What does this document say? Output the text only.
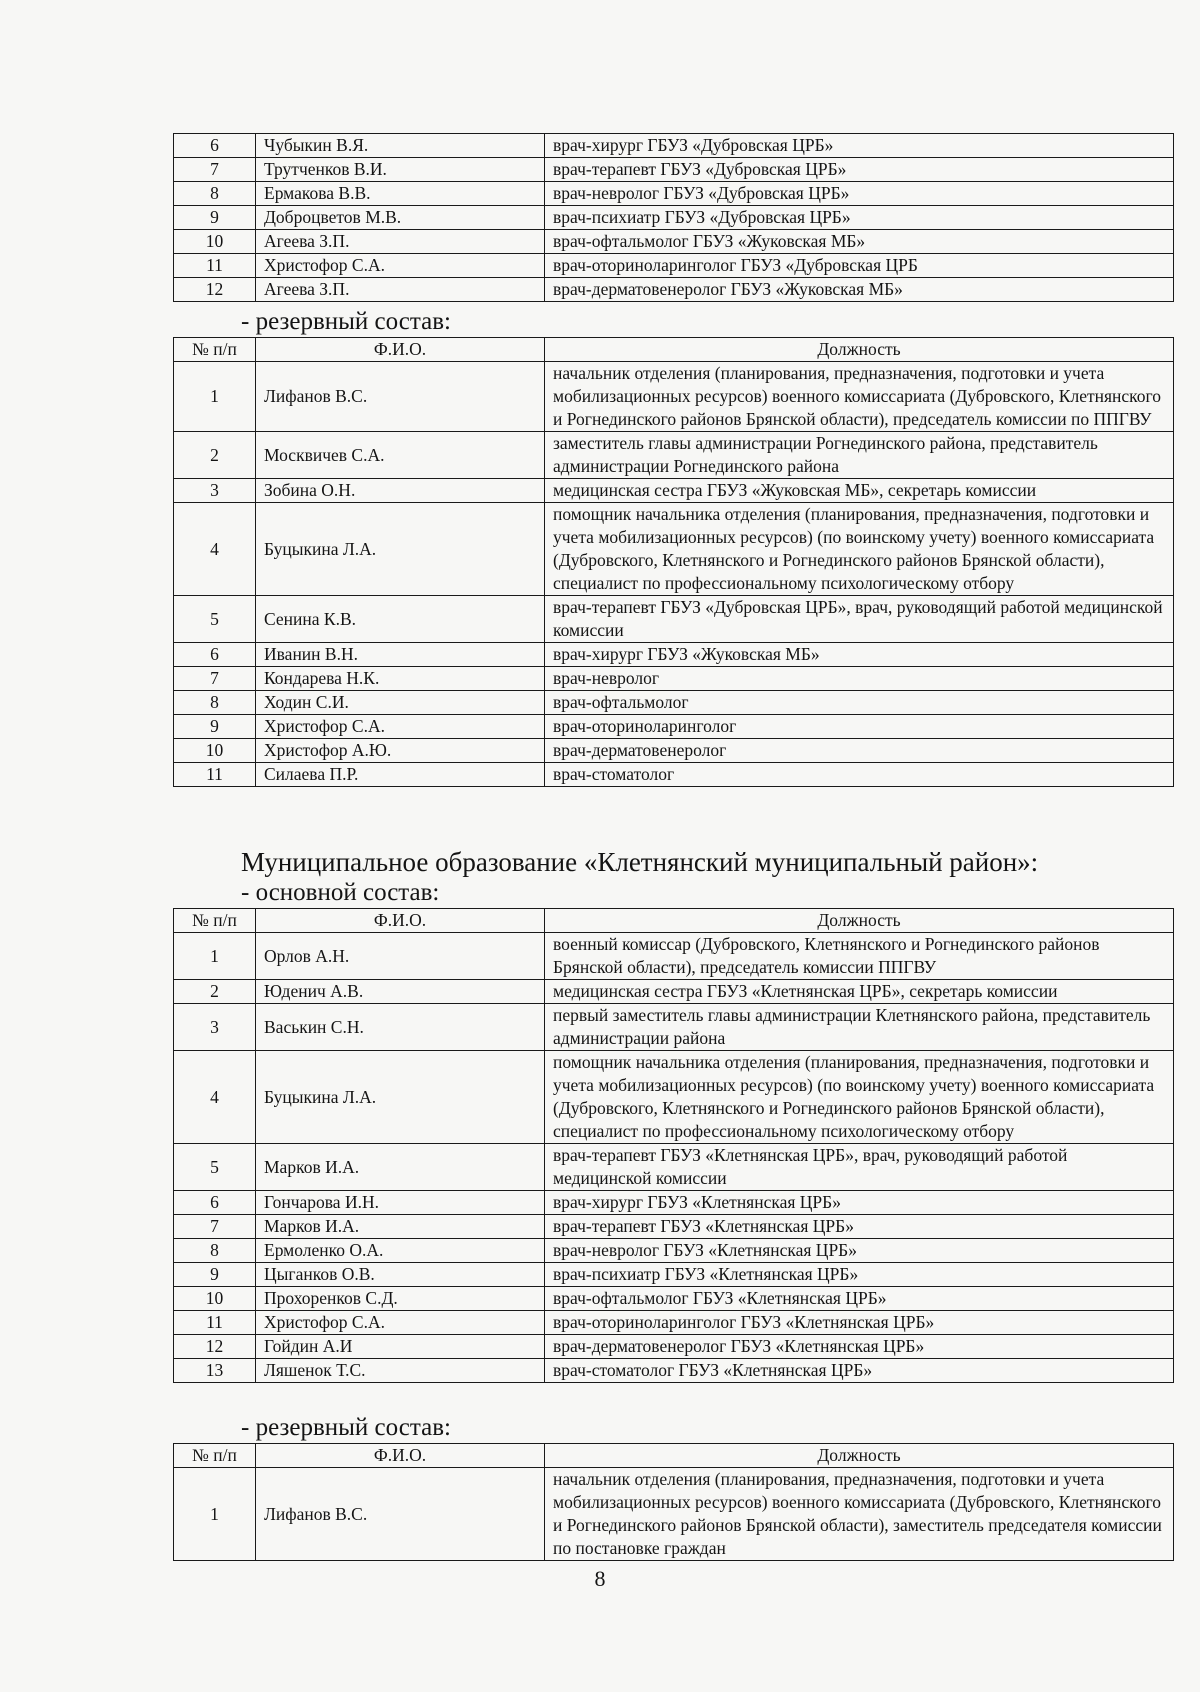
6	Чубыкин В.Я.	врач-хирург ГБУЗ «Дубровская ЦРБ»
7	Трутченков В.И.	врач-терапевт ГБУЗ «Дубровская ЦРБ»
8	Ермакова В.В.	врач-невролог ГБУЗ «Дубровская ЦРБ»
9	Доброцветов М.В.	врач-психиатр ГБУЗ «Дубровская ЦРБ»
10	Агеева З.П.	врач-офтальмолог ГБУЗ «Жуковская МБ»
11	Христофор С.А.	врач-оториноларинголог ГБУЗ «Дубровская ЦРБ
12	Агеева З.П.	врач-дерматовенеролог ГБУЗ «Жуковская МБ»
- резервный состав:
№ п/п	Ф.И.О.	Должность
1	Лифанов В.С.	начальник отделения (планирования, предназначения, подготовки и учета мобилизационных ресурсов) военного комиссариата (Дубровского, Клетнянского и Рогнединского районов Брянской области), председатель комиссии по ППГВУ
2	Москвичев С.А.	заместитель главы администрации Рогнединского района, представитель администрации Рогнединского района
3	Зобина О.Н.	медицинская сестра ГБУЗ «Жуковская МБ», секретарь комиссии
4	Буцыкина Л.А.	помощник начальника отделения (планирования, предназначения, подготовки и учета мобилизационных ресурсов) (по воинскому учету) военного комиссариата (Дубровского, Клетнянского и Рогнединского районов Брянской области), специалист по профессиональному психологическому отбору
5	Сенина К.В.	врач-терапевт ГБУЗ «Дубровская ЦРБ», врач, руководящий работой медицинской комиссии
6	Иванин В.Н.	врач-хирург ГБУЗ «Жуковская МБ»
7	Кондарева Н.К.	врач-невролог
8	Ходин С.И.	врач-офтальмолог
9	Христофор С.А.	врач-оториноларинголог
10	Христофор А.Ю.	врач-дерматовенеролог
11	Силаева П.Р.	врач-стоматолог
Муниципальное образование «Клетнянский муниципальный район»:
- основной состав:
№ п/п	Ф.И.О.	Должность
1	Орлов А.Н.	военный комиссар (Дубровского, Клетнянского и Рогнединского районов Брянской области), председатель комиссии ППГВУ
2	Юденич А.В.	медицинская сестра ГБУЗ «Клетнянская ЦРБ», секретарь комиссии
3	Васькин С.Н.	первый заместитель главы администрации Клетнянского района, представитель администрации района
4	Буцыкина Л.А.	помощник начальника отделения (планирования, предназначения, подготовки и учета мобилизационных ресурсов) (по воинскому учету) военного комиссариата (Дубровского, Клетнянского и Рогнединского районов Брянской области), специалист по профессиональному психологическому отбору
5	Марков И.А.	врач-терапевт ГБУЗ «Клетнянская ЦРБ», врач, руководящий работой медицинской комиссии
6	Гончарова И.Н.	врач-хирург ГБУЗ «Клетнянская ЦРБ»
7	Марков И.А.	врач-терапевт ГБУЗ «Клетнянская ЦРБ»
8	Ермоленко О.А.	врач-невролог ГБУЗ «Клетнянская ЦРБ»
9	Цыганков О.В.	врач-психиатр ГБУЗ «Клетнянская ЦРБ»
10	Прохоренков С.Д.	врач-офтальмолог ГБУЗ «Клетнянская ЦРБ»
11	Христофор С.А.	врач-оториноларинголог ГБУЗ «Клетнянская ЦРБ»
12	Гойдин А.И	врач-дерматовенеролог ГБУЗ «Клетнянская ЦРБ»
13	Ляшенок Т.С.	врач-стоматолог ГБУЗ «Клетнянская ЦРБ»
- резервный состав:
№ п/п	Ф.И.О.	Должность
1	Лифанов В.С.	начальник отделения (планирования, предназначения, подготовки и учета мобилизационных ресурсов) военного комиссариата (Дубровского, Клетнянского и Рогнединского районов Брянской области), заместитель председателя комиссии по постановке граждан
8
